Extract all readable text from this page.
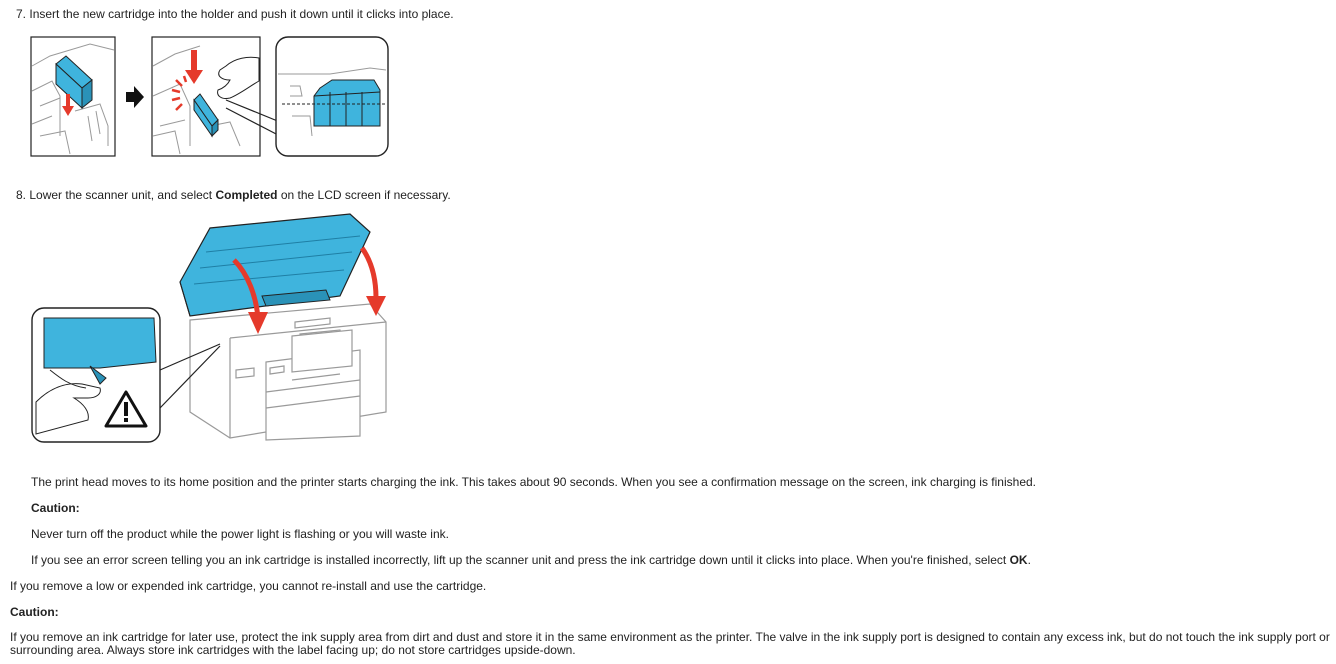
7. Insert the new cartridge into the holder and push it down until it clicks into place.

8. Lower the scanner unit, and select Completed on the LCD screen if necessary.

The print head moves to its home position and the printer starts charging the ink. This takes about 90 seconds. When you see a confirmation message on the screen, ink charging is finished.

Caution:

Never turn off the product while the power light is flashing or you will waste ink.

If you see an error screen telling you an ink cartridge is installed incorrectly, lift up the scanner unit and press the ink cartridge down until it clicks into place. When you're finished, select OK.

If you remove a low or expended ink cartridge, you cannot re-install and use the cartridge.

Caution:

If you remove an ink cartridge for later use, protect the ink supply area from dirt and dust and store it in the same environment as the printer. The valve in the ink supply port is designed to contain any excess ink, but do not touch the ink supply port or surrounding area. Always store ink cartridges with the label facing up; do not store cartridges upside-down.
